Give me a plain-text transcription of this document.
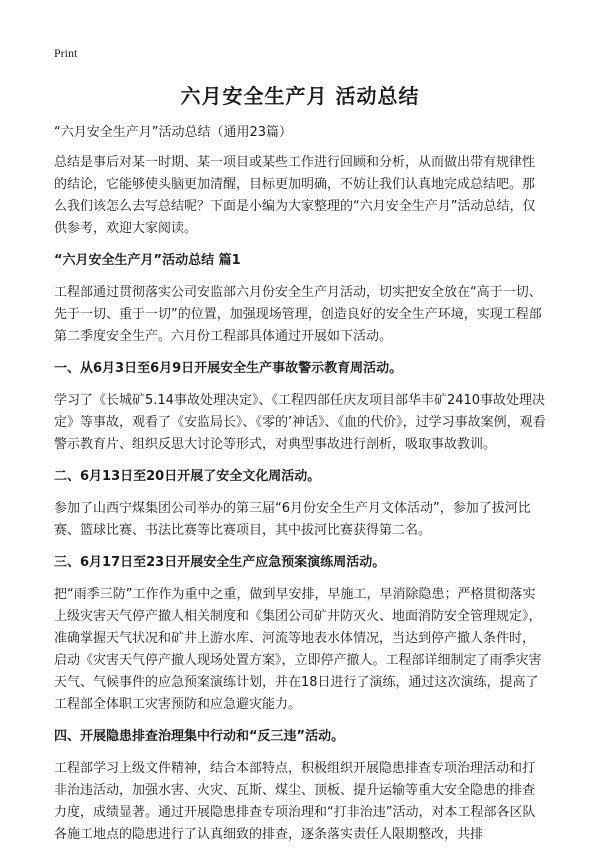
Print
六月安全生产月 活动总结

“六月安全生产月”活动总结（通用23篇）

总结是事后对某一时期、某一项目或某些工作进行回顾和分析，从而做出带有规律性的结论，它能够使头脑更加清醒，目标更加明确，不妨让我们认真地完成总结吧。那么我们该怎么去写总结呢？下面是小编为大家整理的“六月安全生产月”活动总结，仅供参考，欢迎大家阅读。

“六月安全生产月”活动总结 篇1

工程部通过贯彻落实公司安监部六月份安全生产月活动，切实把安全放在“高于一切、先于一切、重于一切”的位置，加强现场管理，创造良好的安全生产环境，实现工程部第二季度安全生产。六月份工程部具体通过开展如下活动。

一、从6月3日至6月9日开展安全生产事故警示教育周活动。

学习了《长城矿5.14事故处理决定》、《工程四部任庆友项目部华丰矿2410事故处理决定》等事故，观看了《安监局长》、《零的’神话》、《血的代价》，过学习事故案例，观看警示教育片、组织反思大讨论等形式，对典型事故进行剖析，吸取事故教训。

二、6月13日至20日开展了安全文化周活动。

参加了山西宁煤集团公司举办的第三届“6月份安全生产月文体活动”，参加了拔河比赛、篮球比赛、书法比赛等比赛项目，其中拔河比赛获得第二名。

三、6月17日至23日开展安全生产应急预案演练周活动。

把“雨季三防”工作作为重中之重，做到早安排，早施工，早消除隐患；严格贯彻落实上级灾害天气停产撤人相关制度和《集团公司矿井防灭火、地面消防安全管理规定》，准确掌握天气状况和矿井上游水库、河流等地表水体情况，当达到停产撤人条件时，启动《灾害天气停产撤人现场处置方案》，立即停产撤人。工程部详细制定了雨季灾害天气、气候事件的应急预案演练计划，并在18日进行了演练，通过这次演练，提高了工程部全体职工灾害预防和应急避灾能力。

四、开展隐患排查治理集中行动和“反三违”活动。

工程部学习上级文件精神，结合本部特点，积极组织开展隐患排查专项治理活动和打非治违活动，加强水害、火灾、瓦斯、煤尘、顶板、提升运输等重大安全隐患的排查力度，成绩显著。通过开展隐患排查专项治理和“打非治违”活动，对本工程部各区队各施工地点的隐患进行了认真细致的排查，逐条落实责任人限期整改，共排
